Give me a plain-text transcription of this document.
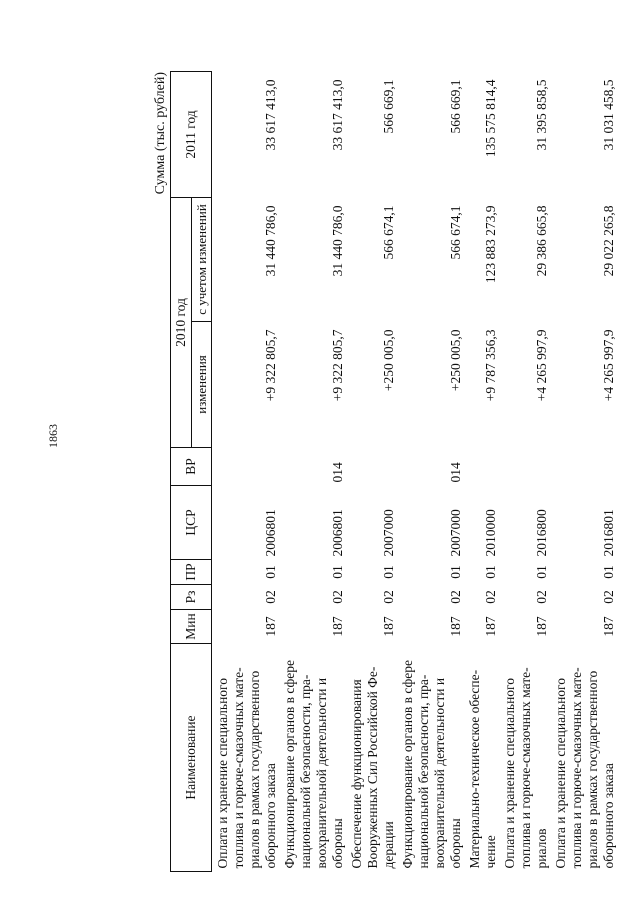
1863
Сумма (тыс. рублей)
Наименование	Мин	Рз	ПР	ЦСР	ВР	2010 год		2011 год
						изменения	с учетом изменений	
Оплата и хранение специального топлива и горюче-смазочных мате-риалов в рамках государственного оборонного заказа	187	02	01	2006801		+9 322 805,7	31 440 786,0	33 617 413,0
Функционирование органов в сфере национальной безопасности, пра-воохранительной деятельности и обороны	187	02	01	2006801	014	+9 322 805,7	31 440 786,0	33 617 413,0
Обеспечение функционирования Вооруженных Сил Российской Фе-дерации	187	02	01	2007000		+250 005,0	566 674,1	566 669,1
Функционирование органов в сфере национальной безопасности, пра-воохранительной деятельности и обороны	187	02	01	2007000	014	+250 005,0	566 674,1	566 669,1
Материально-техническое обеспе-чение	187	02	01	2010000		+9 787 356,3	123 883 273,9	135 575 814,4
Оплата и хранение специального топлива и горюче-смазочных мате-риалов	187	02	01	2016800		+4 265 997,9	29 386 665,8	31 395 858,5
Оплата и хранение специального топлива и горюче-смазочных мате-риалов в рамках государственного оборонного заказа	187	02	01	2016801		+4 265 997,9	29 022 265,8	31 031 458,5
